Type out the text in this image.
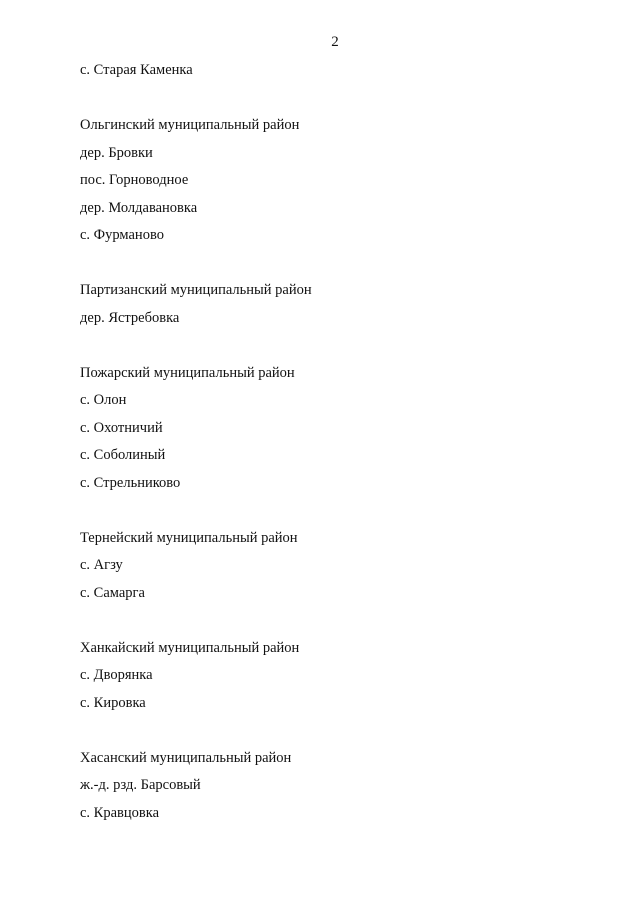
2
с. Старая Каменка
Ольгинский муниципальный район
дер. Бровки
пос. Горноводное
дер. Молдавановка
с. Фурманово
Партизанский муниципальный район
дер. Ястребовка
Пожарский муниципальный район
с. Олон
с. Охотничий
с. Соболиный
с. Стрельниково
Тернейский муниципальный район
с. Агзу
с. Самарга
Ханкайский муниципальный район
с. Дворянка
с. Кировка
Хасанский муниципальный район
ж.-д. рзд. Барсовый
с. Кравцовка
